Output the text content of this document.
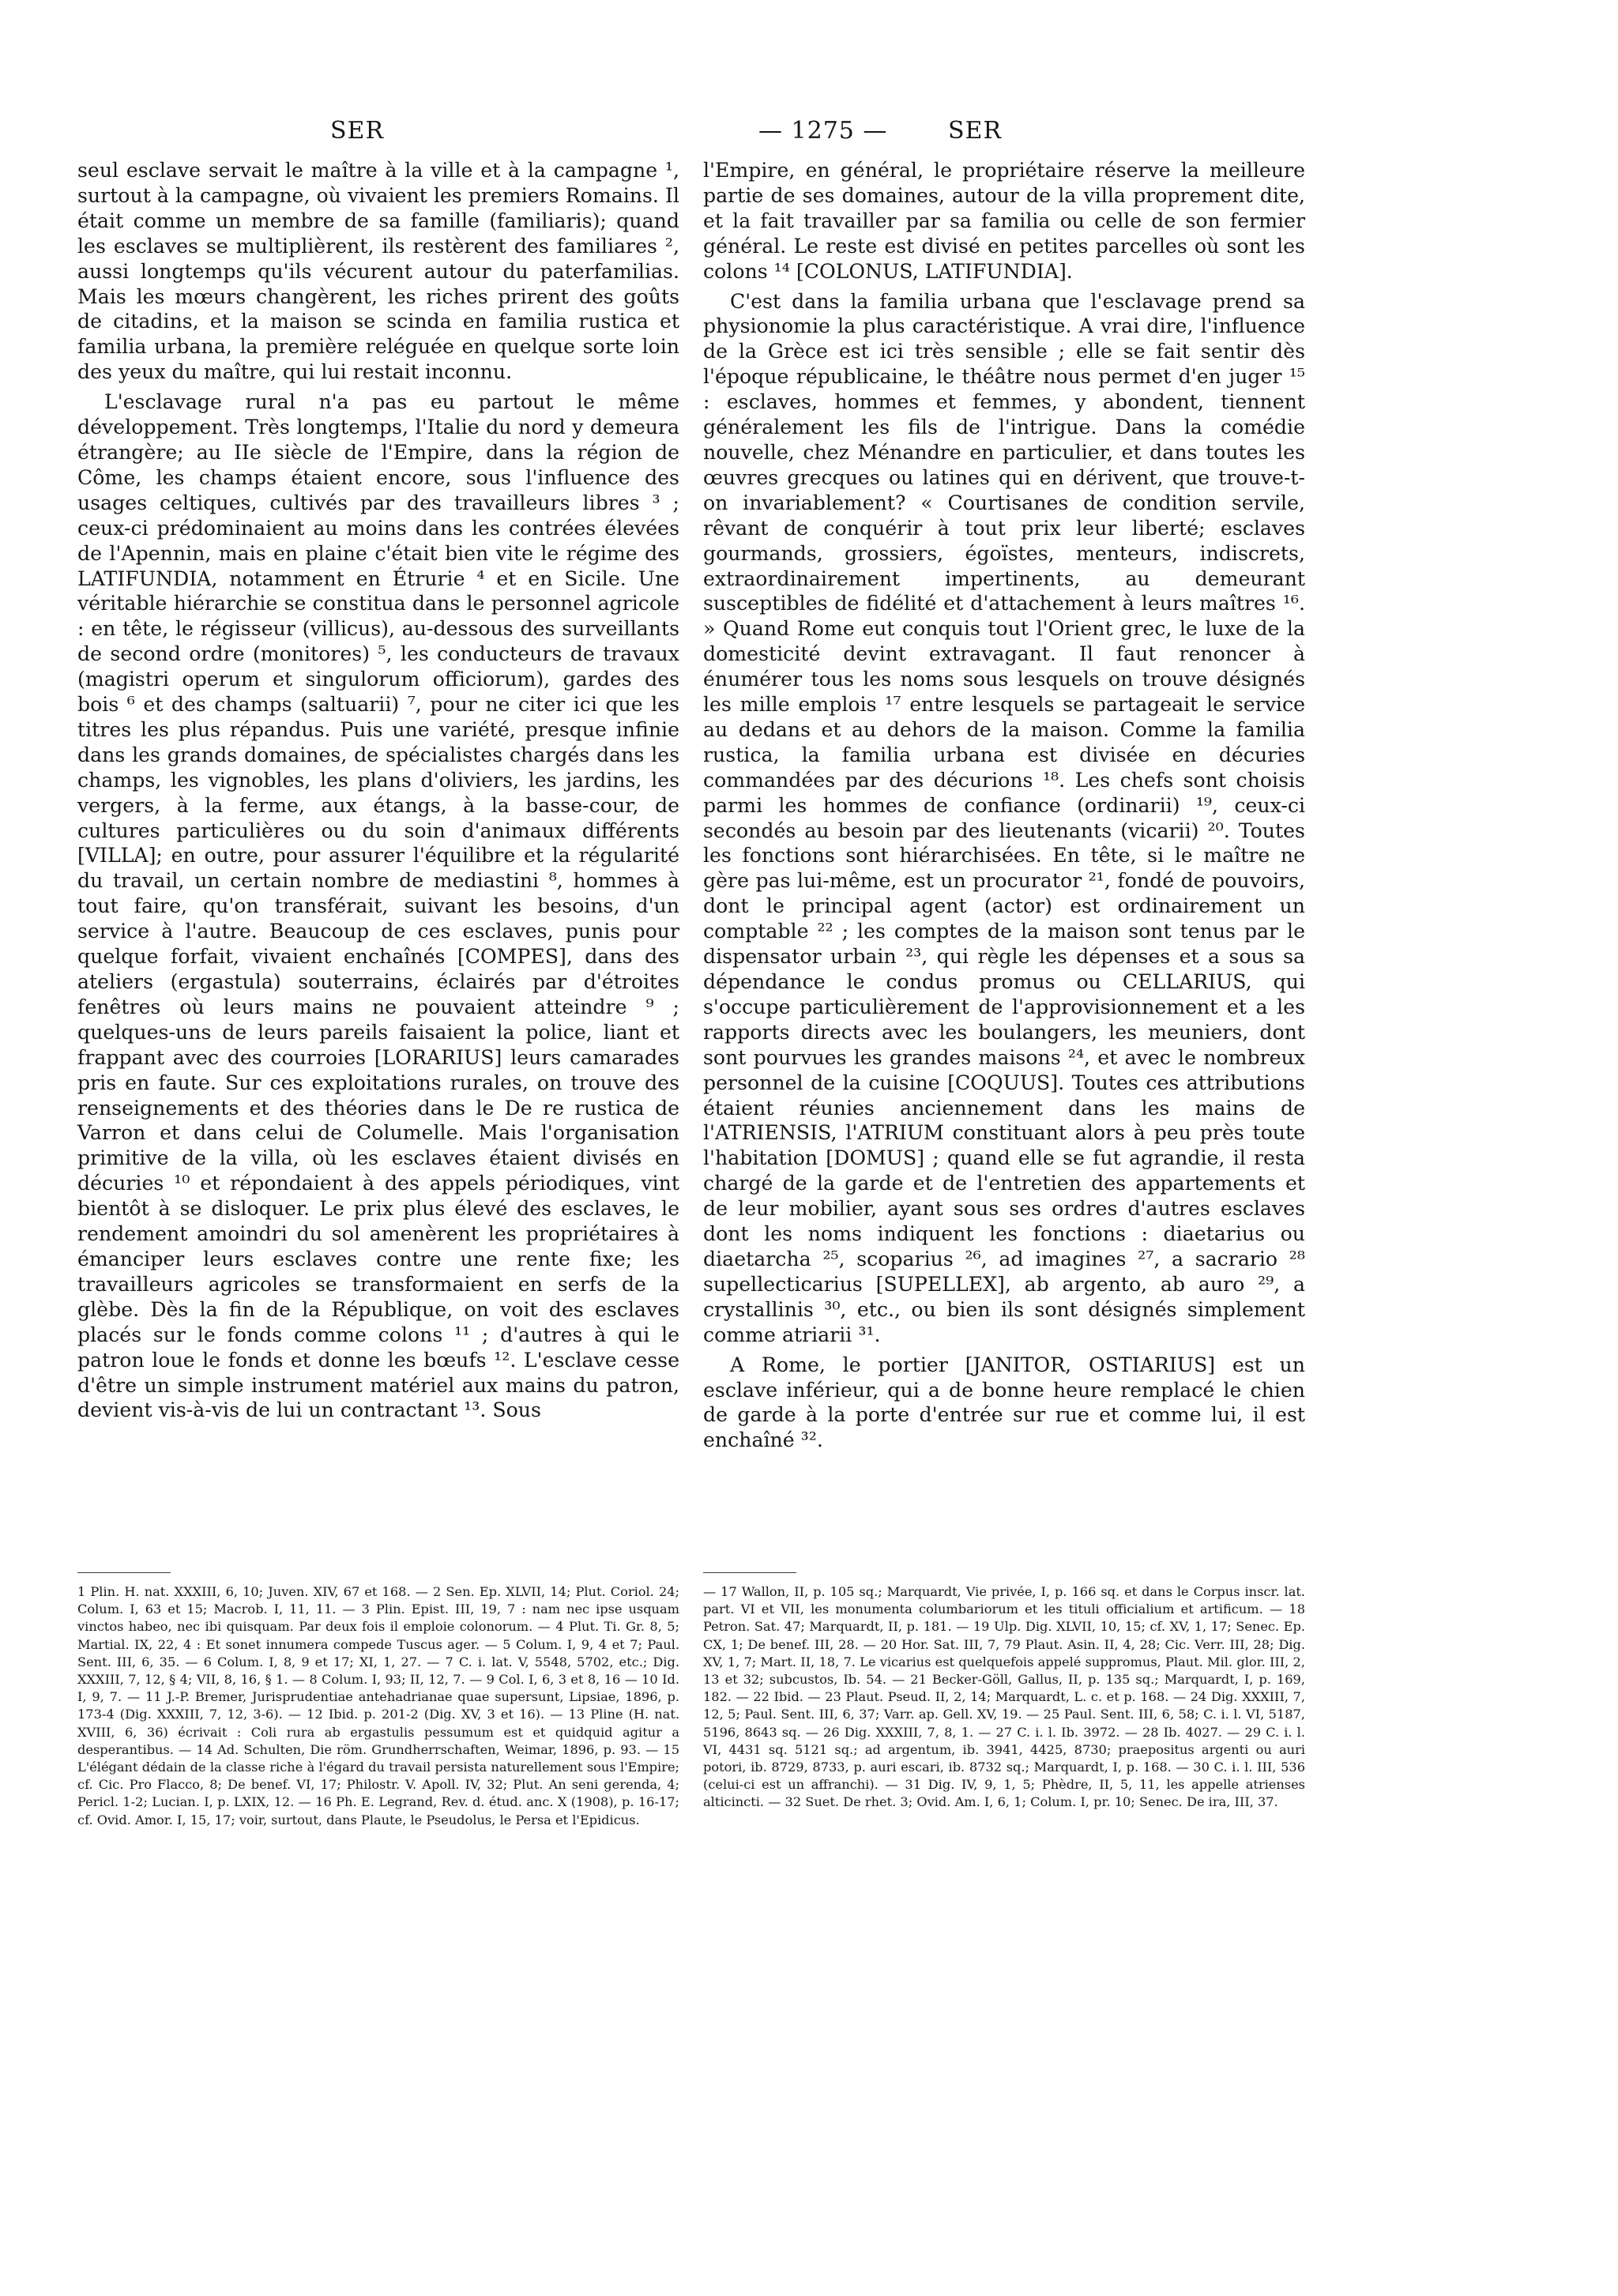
SER	— 1275 —	SER

seul esclave servait le maître à la ville et à la campagne ¹, surtout à la campagne, où vivaient les premiers Romains. Il était comme un membre de sa famille (familiaris); quand les esclaves se multiplièrent, ils restèrent des familiares ², aussi longtemps qu'ils vécurent autour du paterfamilias. Mais les mœurs changèrent, les riches prirent des goûts de citadins, et la maison se scinda en familia rustica et familia urbana, la première reléguée en quelque sorte loin des yeux du maître, qui lui restait inconnu.

L'esclavage rural n'a pas eu partout le même développement. Très longtemps, l'Italie du nord y demeura étrangère; au IIe siècle de l'Empire, dans la région de Côme, les champs étaient encore, sous l'influence des usages celtiques, cultivés par des travailleurs libres ³ ; ceux-ci prédominaient au moins dans les contrées élevées de l'Apennin, mais en plaine c'était bien vite le régime des LATIFUNDIA, notamment en Étrurie ⁴ et en Sicile. Une véritable hiérarchie se constitua dans le personnel agricole : en tête, le régisseur (villicus), au-dessous des surveillants de second ordre (monitores) ⁵, les conducteurs de travaux (magistri operum et singulorum officiorum), gardes des bois ⁶ et des champs (saltuarii) ⁷, pour ne citer ici que les titres les plus répandus. Puis une variété, presque infinie dans les grands domaines, de spécialistes chargés dans les champs, les vignobles, les plans d'oliviers, les jardins, les vergers, à la ferme, aux étangs, à la basse-cour, de cultures particulières ou du soin d'animaux différents [VILLA]; en outre, pour assurer l'équilibre et la régularité du travail, un certain nombre de mediastini ⁸, hommes à tout faire, qu'on transférait, suivant les besoins, d'un service à l'autre. Beaucoup de ces esclaves, punis pour quelque forfait, vivaient enchaînés [COMPES], dans des ateliers (ergastula) souterrains, éclairés par d'étroites fenêtres où leurs mains ne pouvaient atteindre ⁹ ; quelques-uns de leurs pareils faisaient la police, liant et frappant avec des courroies [LORARIUS] leurs camarades pris en faute. Sur ces exploitations rurales, on trouve des renseignements et des théories dans le De re rustica de Varron et dans celui de Columelle. Mais l'organisation primitive de la villa, où les esclaves étaient divisés en décuries ¹⁰ et répondaient à des appels périodiques, vint bientôt à se disloquer. Le prix plus élevé des esclaves, le rendement amoindri du sol amenèrent les propriétaires à émanciper leurs esclaves contre une rente fixe; les travailleurs agricoles se transformaient en serfs de la glèbe. Dès la fin de la République, on voit des esclaves placés sur le fonds comme colons ¹¹ ; d'autres à qui le patron loue le fonds et donne les bœufs ¹². L'esclave cesse d'être un simple instrument matériel aux mains du patron, devient vis-à-vis de lui un contractant ¹³. Sous

l'Empire, en général, le propriétaire réserve la meilleure partie de ses domaines, autour de la villa proprement dite, et la fait travailler par sa familia ou celle de son fermier général. Le reste est divisé en petites parcelles où sont les colons ¹⁴ [COLONUS, LATIFUNDIA].

C'est dans la familia urbana que l'esclavage prend sa physionomie la plus caractéristique. A vrai dire, l'influence de la Grèce est ici très sensible ; elle se fait sentir dès l'époque républicaine, le théâtre nous permet d'en juger ¹⁵ : esclaves, hommes et femmes, y abondent, tiennent généralement les fils de l'intrigue. Dans la comédie nouvelle, chez Ménandre en particulier, et dans toutes les œuvres grecques ou latines qui en dérivent, que trouve-t-on invariablement? « Courtisanes de condition servile, rêvant de conquérir à tout prix leur liberté; esclaves gourmands, grossiers, égoïstes, menteurs, indiscrets, extraordinairement impertinents, au demeurant susceptibles de fidélité et d'attachement à leurs maîtres ¹⁶. » Quand Rome eut conquis tout l'Orient grec, le luxe de la domesticité devint extravagant. Il faut renoncer à énumérer tous les noms sous lesquels on trouve désignés les mille emplois ¹⁷ entre lesquels se partageait le service au dedans et au dehors de la maison. Comme la familia rustica, la familia urbana est divisée en décuries commandées par des décurions ¹⁸. Les chefs sont choisis parmi les hommes de confiance (ordinarii) ¹⁹, ceux-ci secondés au besoin par des lieutenants (vicarii) ²⁰. Toutes les fonctions sont hiérarchisées. En tête, si le maître ne gère pas lui-même, est un procurator ²¹, fondé de pouvoirs, dont le principal agent (actor) est ordinairement un comptable ²² ; les comptes de la maison sont tenus par le dispensator urbain ²³, qui règle les dépenses et a sous sa dépendance le condus promus ou CELLARIUS, qui s'occupe particulièrement de l'approvisionnement et a les rapports directs avec les boulangers, les meuniers, dont sont pourvues les grandes maisons ²⁴, et avec le nombreux personnel de la cuisine [COQUUS]. Toutes ces attributions étaient réunies anciennement dans les mains de l'ATRIENSIS, l'ATRIUM constituant alors à peu près toute l'habitation [DOMUS] ; quand elle se fut agrandie, il resta chargé de la garde et de l'entretien des appartements et de leur mobilier, ayant sous ses ordres d'autres esclaves dont les noms indiquent les fonctions : diaetarius ou diaetarcha ²⁵, scoparius ²⁶, ad imagines ²⁷, a sacrario ²⁸ supellecticarius [SUPELLEX], ab argento, ab auro ²⁹, a crystallinis ³⁰, etc., ou bien ils sont désignés simplement comme atriarii ³¹.

A Rome, le portier [JANITOR, OSTIARIUS] est un esclave inférieur, qui a de bonne heure remplacé le chien de garde à la porte d'entrée sur rue et comme lui, il est enchaîné ³².

1 Plin. H. nat. XXXIII, 6, 10; Juven. XIV, 67 et 168. — 2 Sen. Ep. XLVII, 14; Plut. Coriol. 24; Colum. I, 63 et 15; Macrob. I, 11, 11. — 3 Plin. Epist. III, 19, 7 : nam nec ipse usquam vinctos habeo, nec ibi quisquam. Par deux fois il emploie colonorum. — 4 Plut. Ti. Gr. 8, 5; Martial. IX, 22, 4 : Et sonet innumera compede Tuscus ager. — 5 Colum. I, 9, 4 et 7; Paul. Sent. III, 6, 35. — 6 Colum. I, 8, 9 et 17; XI, 1, 27. — 7 C. i. lat. V, 5548, 5702, etc.; Dig. XXXIII, 7, 12, § 4; VII, 8, 16, § 1. — 8 Colum. I, 93; II, 12, 7. — 9 Col. I, 6, 3 et 8, 16 — 10 Id. I, 9, 7. — 11 J.-P. Bremer, Jurisprudentiae antehadrianae quae supersunt, Lipsiae, 1896, p. 173-4 (Dig. XXXIII, 7, 12, 3-6). — 12 Ibid. p. 201-2 (Dig. XV, 3 et 16). — 13 Pline (H. nat. XVIII, 6, 36) écrivait : Coli rura ab ergastulis pessumum est et quidquid agitur a desperantibus. — 14 Ad. Schulten, Die röm. Grundherrschaften, Weimar, 1896, p. 93. — 15 L'élégant dédain de la classe riche à l'égard du travail persista naturellement sous l'Empire; cf. Cic. Pro Flacco, 8; De benef. VI, 17; Philostr. V. Apoll. IV, 32; Plut. An seni gerenda, 4; Pericl. 1-2; Lucian. I, p. LXIX, 12. — 16 Ph. E. Legrand, Rev. d. étud. anc. X (1908), p. 16-17; cf. Ovid. Amor. I, 15, 17; voir, surtout, dans Plaute, le Pseudolus, le Persa et l'Epidicus.

— 17 Wallon, II, p. 105 sq.; Marquardt, Vie privée, I, p. 166 sq. et dans le Corpus inscr. lat. part. VI et VII, les monumenta columbariorum et les tituli officialium et artificum. — 18 Petron. Sat. 47; Marquardt, II, p. 181. — 19 Ulp. Dig. XLVII, 10, 15; cf. XV, 1, 17; Senec. Ep. CX, 1; De benef. III, 28. — 20 Hor. Sat. III, 7, 79 Plaut. Asin. II, 4, 28; Cic. Verr. III, 28; Dig. XV, 1, 7; Mart. II, 18, 7. Le vicarius est quelquefois appelé suppromus, Plaut. Mil. glor. III, 2, 13 et 32; subcustos, Ib. 54. — 21 Becker-Göll, Gallus, II, p. 135 sq.; Marquardt, I, p. 169, 182. — 22 Ibid. — 23 Plaut. Pseud. II, 2, 14; Marquardt, L. c. et p. 168. — 24 Dig. XXXIII, 7, 12, 5; Paul. Sent. III, 6, 37; Varr. ap. Gell. XV, 19. — 25 Paul. Sent. III, 6, 58; C. i. l. VI, 5187, 5196, 8643 sq. — 26 Dig. XXXIII, 7, 8, 1. — 27 C. i. l. Ib. 3972. — 28 Ib. 4027. — 29 C. i. l. VI, 4431 sq. 5121 sq.; ad argentum, ib. 3941, 4425, 8730; praepositus argenti ou auri potori, ib. 8729, 8733, p. auri escari, ib. 8732 sq.; Marquardt, I, p. 168. — 30 C. i. l. III, 536 (celui-ci est un affranchi). — 31 Dig. IV, 9, 1, 5; Phèdre, II, 5, 11, les appelle atrienses alticincti. — 32 Suet. De rhet. 3; Ovid. Am. I, 6, 1; Colum. I, pr. 10; Senec. De ira, III, 37.
